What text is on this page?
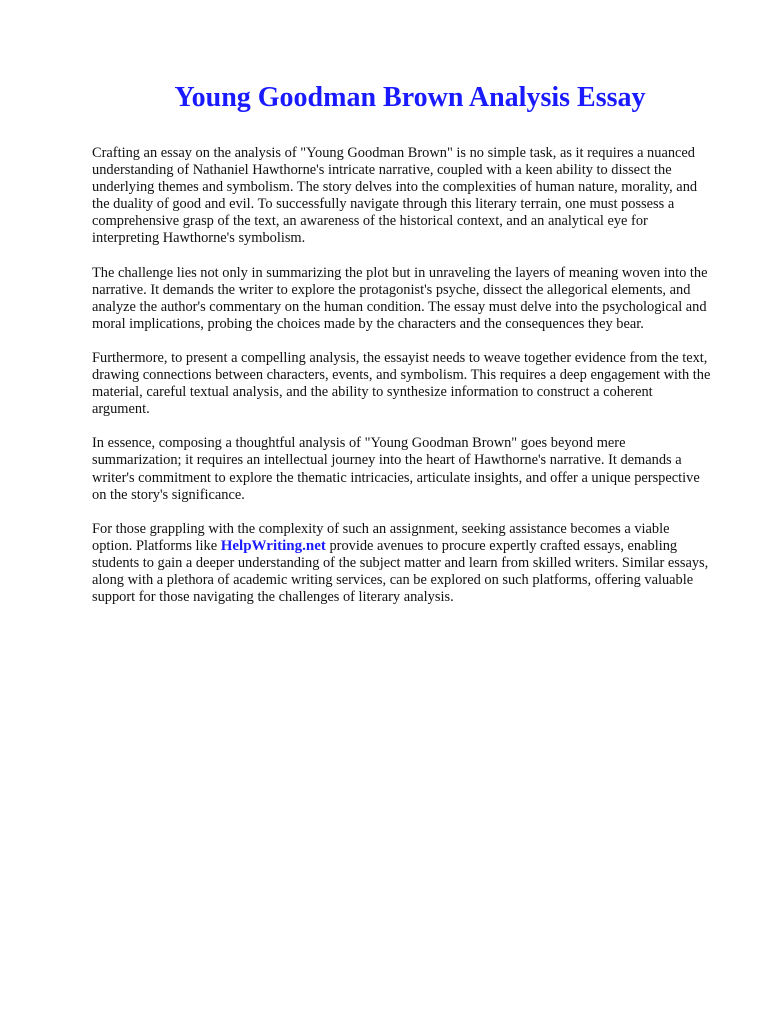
Young Goodman Brown Analysis Essay

Crafting an essay on the analysis of "Young Goodman Brown" is no simple task, as it requires a nuanced understanding of Nathaniel Hawthorne's intricate narrative, coupled with a keen ability to dissect the underlying themes and symbolism. The story delves into the complexities of human nature, morality, and the duality of good and evil. To successfully navigate through this literary terrain, one must possess a comprehensive grasp of the text, an awareness of the historical context, and an analytical eye for interpreting Hawthorne's symbolism.

The challenge lies not only in summarizing the plot but in unraveling the layers of meaning woven into the narrative. It demands the writer to explore the protagonist's psyche, dissect the allegorical elements, and analyze the author's commentary on the human condition. The essay must delve into the psychological and moral implications, probing the choices made by the characters and the consequences they bear.

Furthermore, to present a compelling analysis, the essayist needs to weave together evidence from the text, drawing connections between characters, events, and symbolism. This requires a deep engagement with the material, careful textual analysis, and the ability to synthesize information to construct a coherent argument.

In essence, composing a thoughtful analysis of "Young Goodman Brown" goes beyond mere summarization; it requires an intellectual journey into the heart of Hawthorne's narrative. It demands a writer's commitment to explore the thematic intricacies, articulate insights, and offer a unique perspective on the story's significance.

For those grappling with the complexity of such an assignment, seeking assistance becomes a viable option. Platforms like HelpWriting.net provide avenues to procure expertly crafted essays, enabling students to gain a deeper understanding of the subject matter and learn from skilled writers. Similar essays, along with a plethora of academic writing services, can be explored on such platforms, offering valuable support for those navigating the challenges of literary analysis.
